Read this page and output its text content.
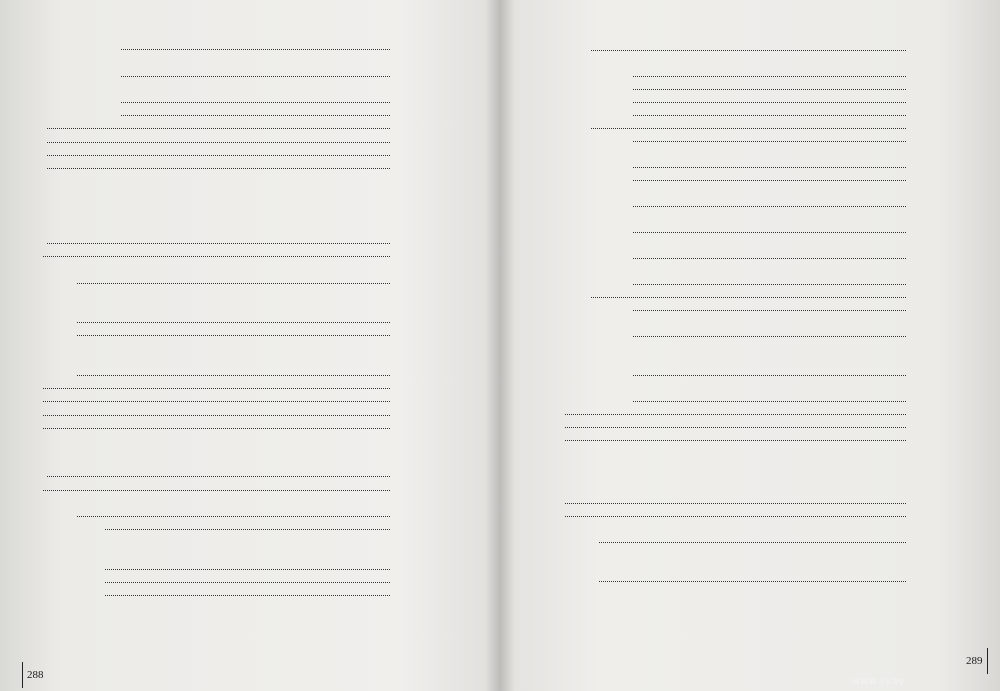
288
289
www.ay.by
